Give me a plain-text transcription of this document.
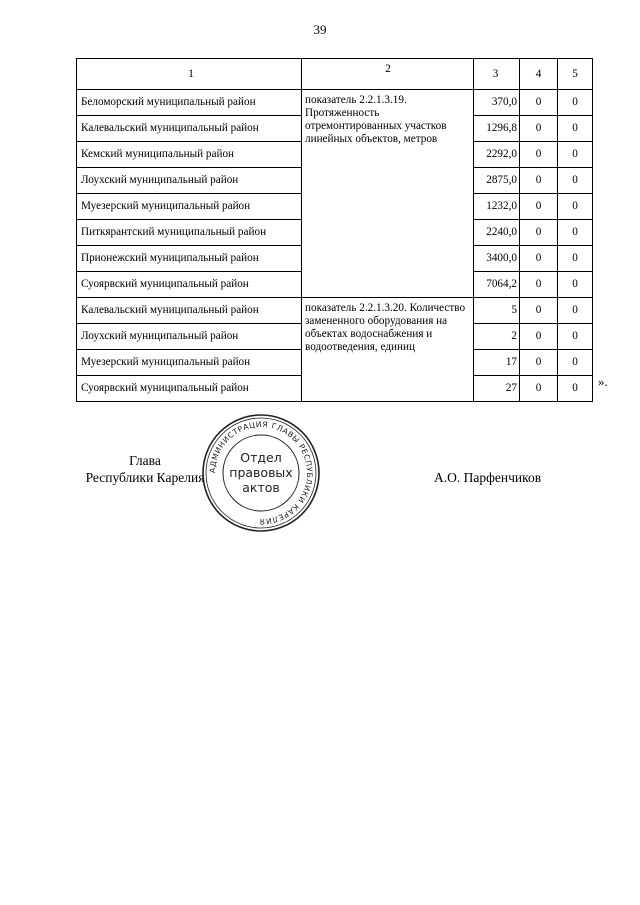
39
1	2	3	4	5
Беломорский муниципальный район	показатель 2.2.1.3.19. Протяженность отремонтированных участков линейных объектов, метров	370,0	0	0
Калевальский муниципальный район		1296,8	0	0
Кемский муниципальный район		2292,0	0	0
Лоухский муниципальный район		2875,0	0	0
Муезерский муниципальный район		1232,0	0	0
Питкярантский муниципальный район		2240,0	0	0
Прионежский муниципальный район		3400,0	0	0
Суоярвский муниципальный район		7064,2	0	0
Калевальский муниципальный район	показатель 2.2.1.3.20. Количество замененного оборудования на объектах водоснабжения и водоотведения, единиц	5	0	0
Лоухский муниципальный район		2	0	0
Муезерский муниципальный район		17	0	0
Суоярвский муниципальный район		27	0	0 ».
Глава
Республики Карелия АДМИНИСТРАЦИЯ ГЛАВЫ РЕСПУБЛИКИ КАРЕЛИЯ
Отдел
правовых
актов
А.О. Парфенчиков
